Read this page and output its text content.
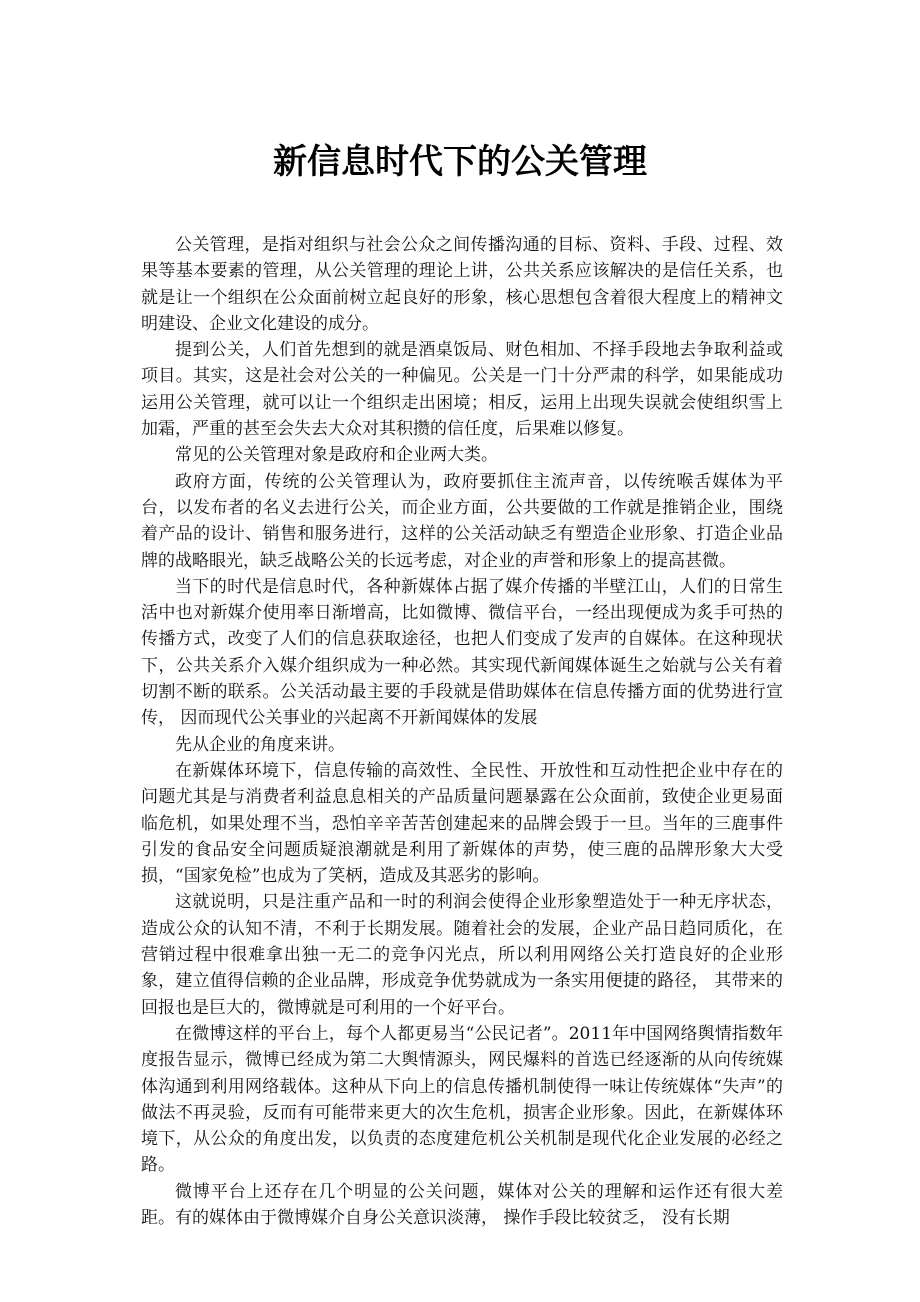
新信息时代下的公关管理

公关管理，是指对组织与社会公众之间传播沟通的目标、资料、手段、过程、效果等基本要素的管理，从公关管理的理论上讲，公共关系应该解决的是信任关系，也就是让一个组织在公众面前树立起良好的形象，核心思想包含着很大程度上的精神文明建设、企业文化建设的成分。

提到公关，人们首先想到的就是酒桌饭局、财色相加、不择手段地去争取利益或项目。其实，这是社会对公关的一种偏见。公关是一门十分严肃的科学，如果能成功运用公关管理，就可以让一个组织走出困境；相反，运用上出现失误就会使组织雪上加霜，严重的甚至会失去大众对其积攒的信任度，后果难以修复。

常见的公关管理对象是政府和企业两大类。

政府方面，传统的公关管理认为，政府要抓住主流声音，以传统喉舌媒体为平台，以发布者的名义去进行公关，而企业方面，公共要做的工作就是推销企业，围绕着产品的设计、销售和服务进行，这样的公关活动缺乏有塑造企业形象、打造企业品牌的战略眼光，缺乏战略公关的长远考虑，对企业的声誉和形象上的提高甚微。

当下的时代是信息时代，各种新媒体占据了媒介传播的半壁江山，人们的日常生活中也对新媒介使用率日渐增高，比如微博、微信平台，一经出现便成为炙手可热的传播方式，改变了人们的信息获取途径，也把人们变成了发声的自媒体。在这种现状下，公共关系介入媒介组织成为一种必然。其实现代新闻媒体诞生之始就与公关有着切割不断的联系。公关活动最主要的手段就是借助媒体在信息传播方面的优势进行宣传， 因而现代公关事业的兴起离不开新闻媒体的发展

先从企业的角度来讲。

在新媒体环境下，信息传输的高效性、全民性、开放性和互动性把企业中存在的问题尤其是与消费者利益息息相关的产品质量问题暴露在公众面前，致使企业更易面临危机，如果处理不当，恐怕辛辛苦苦创建起来的品牌会毁于一旦。当年的三鹿事件引发的食品安全问题质疑浪潮就是利用了新媒体的声势，使三鹿的品牌形象大大受损，“国家免检”也成为了笑柄，造成及其恶劣的影响。

这就说明，只是注重产品和一时的利润会使得企业形象塑造处于一种无序状态，造成公众的认知不清，不利于长期发展。随着社会的发展，企业产品日趋同质化，在营销过程中很难拿出独一无二的竞争闪光点，所以利用网络公关打造良好的企业形象，建立值得信赖的企业品牌，形成竞争优势就成为一条实用便捷的路径， 其带来的回报也是巨大的，微博就是可利用的一个好平台。

在微博这样的平台上，每个人都更易当“公民记者”。2011年中国网络舆情指数年度报告显示，微博已经成为第二大舆情源头，网民爆料的首选已经逐渐的从向传统媒体沟通到利用网络载体。这种从下向上的信息传播机制使得一味让传统媒体“失声”的做法不再灵验，反而有可能带来更大的次生危机，损害企业形象。因此，在新媒体环境下，从公众的角度出发，以负责的态度建危机公关机制是现代化企业发展的必经之路。

微博平台上还存在几个明显的公关问题，媒体对公关的理解和运作还有很大差距。有的媒体由于微博媒介自身公关意识淡薄， 操作手段比较贫乏， 没有长期
